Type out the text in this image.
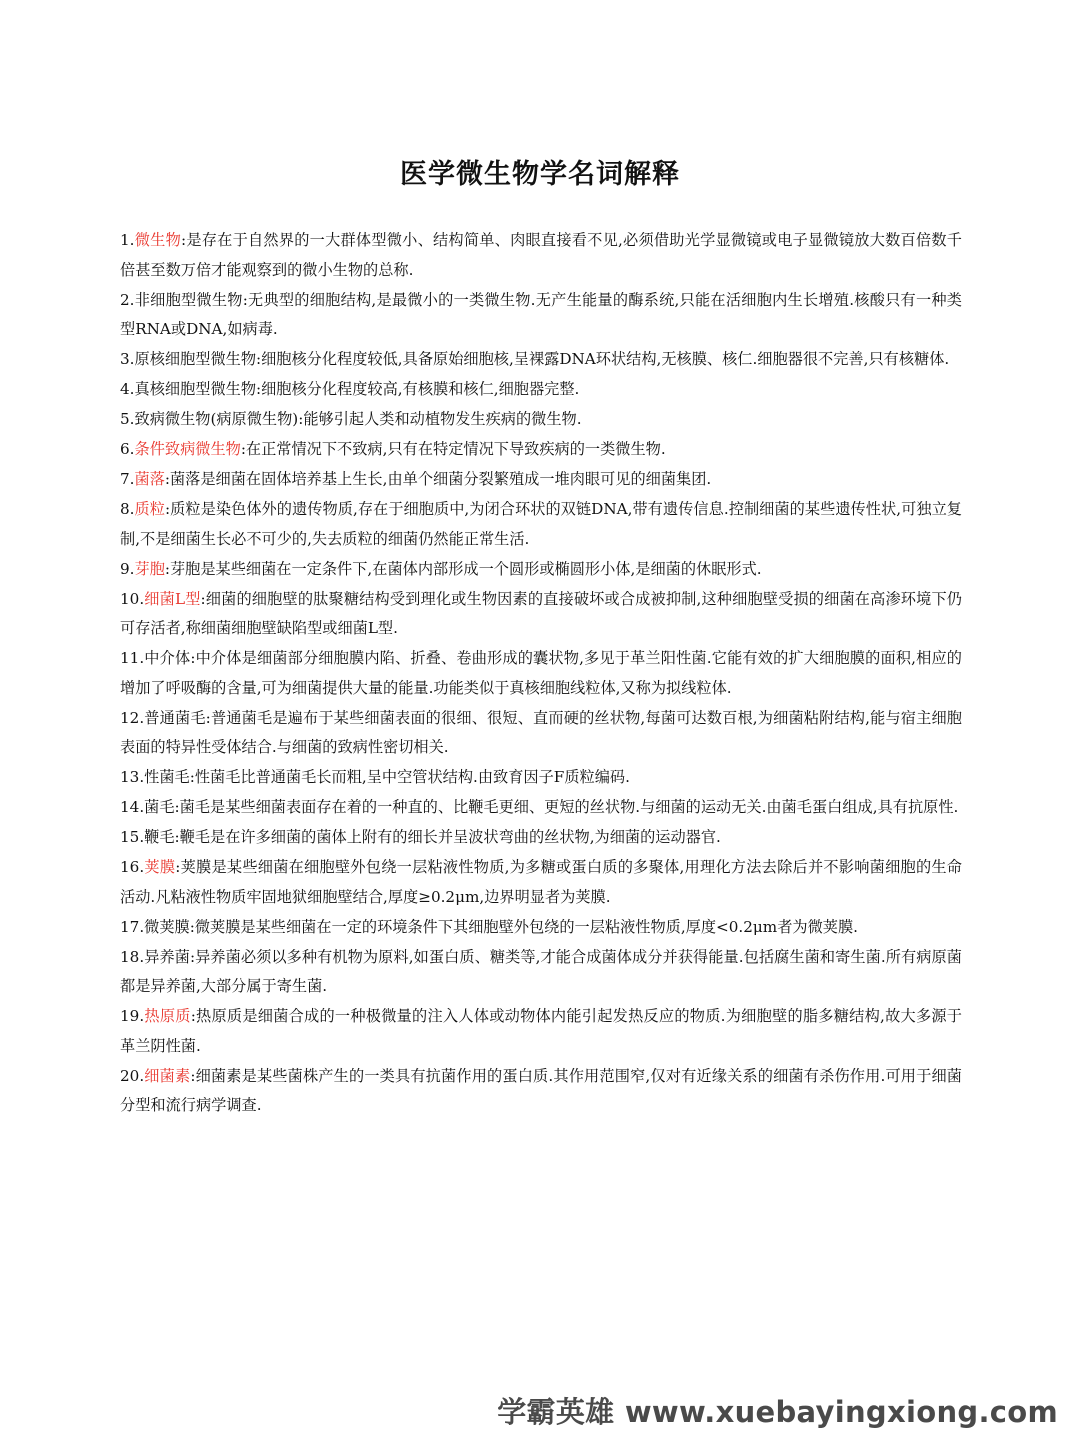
医学微生物学名词解释

1.微生物:是存在于自然界的一大群体型微小、结构简单、肉眼直接看不见,必须借助光学显微镜或电子显微镜放大数百倍数千倍甚至数万倍才能观察到的微小生物的总称.

2.非细胞型微生物:无典型的细胞结构,是最微小的一类微生物.无产生能量的酶系统,只能在活细胞内生长增殖.核酸只有一种类型RNA或DNA,如病毒.

3.原核细胞型微生物:细胞核分化程度较低,具备原始细胞核,呈裸露DNA环状结构,无核膜、核仁.细胞器很不完善,只有核糖体.

4.真核细胞型微生物:细胞核分化程度较高,有核膜和核仁,细胞器完整.

5.致病微生物(病原微生物):能够引起人类和动植物发生疾病的微生物.

6.条件致病微生物:在正常情况下不致病,只有在特定情况下导致疾病的一类微生物.

7.菌落:菌落是细菌在固体培养基上生长,由单个细菌分裂繁殖成一堆肉眼可见的细菌集团.

8.质粒:质粒是染色体外的遗传物质,存在于细胞质中,为闭合环状的双链DNA,带有遗传信息.控制细菌的某些遗传性状,可独立复制,不是细菌生长必不可少的,失去质粒的细菌仍然能正常生活.

9.芽胞:芽胞是某些细菌在一定条件下,在菌体内部形成一个圆形或椭圆形小体,是细菌的休眠形式.

10.细菌L型:细菌的细胞壁的肽聚糖结构受到理化或生物因素的直接破坏或合成被抑制,这种细胞壁受损的细菌在高渗环境下仍可存活者,称细菌细胞壁缺陷型或细菌L型.

11.中介体:中介体是细菌部分细胞膜内陷、折叠、卷曲形成的囊状物,多见于革兰阳性菌.它能有效的扩大细胞膜的面积,相应的增加了呼吸酶的含量,可为细菌提供大量的能量.功能类似于真核细胞线粒体,又称为拟线粒体.

12.普通菌毛:普通菌毛是遍布于某些细菌表面的很细、很短、直而硬的丝状物,每菌可达数百根,为细菌粘附结构,能与宿主细胞表面的特异性受体结合.与细菌的致病性密切相关.

13.性菌毛:性菌毛比普通菌毛长而粗,呈中空管状结构.由致育因子F质粒编码.

14.菌毛:菌毛是某些细菌表面存在着的一种直的、比鞭毛更细、更短的丝状物.与细菌的运动无关.由菌毛蛋白组成,具有抗原性.

15.鞭毛:鞭毛是在许多细菌的菌体上附有的细长并呈波状弯曲的丝状物,为细菌的运动器官.

16.荚膜:荚膜是某些细菌在细胞壁外包绕一层粘液性物质,为多糖或蛋白质的多聚体,用理化方法去除后并不影响菌细胞的生命活动.凡粘液性物质牢固地狱细胞壁结合,厚度≥0.2μm,边界明显者为荚膜.

17.微荚膜:微荚膜是某些细菌在一定的环境条件下其细胞壁外包绕的一层粘液性物质,厚度<0.2μm者为微荚膜.

18.异养菌:异养菌必须以多种有机物为原料,如蛋白质、糖类等,才能合成菌体成分并获得能量.包括腐生菌和寄生菌.所有病原菌都是异养菌,大部分属于寄生菌.

19.热原质:热原质是细菌合成的一种极微量的注入人体或动物体内能引起发热反应的物质.为细胞壁的脂多糖结构,故大多源于革兰阴性菌.

20.细菌素:细菌素是某些菌株产生的一类具有抗菌作用的蛋白质.其作用范围窄,仅对有近缘关系的细菌有杀伤作用.可用于细菌分型和流行病学调查.

学霸英雄 www.xuebayingxiong.com
